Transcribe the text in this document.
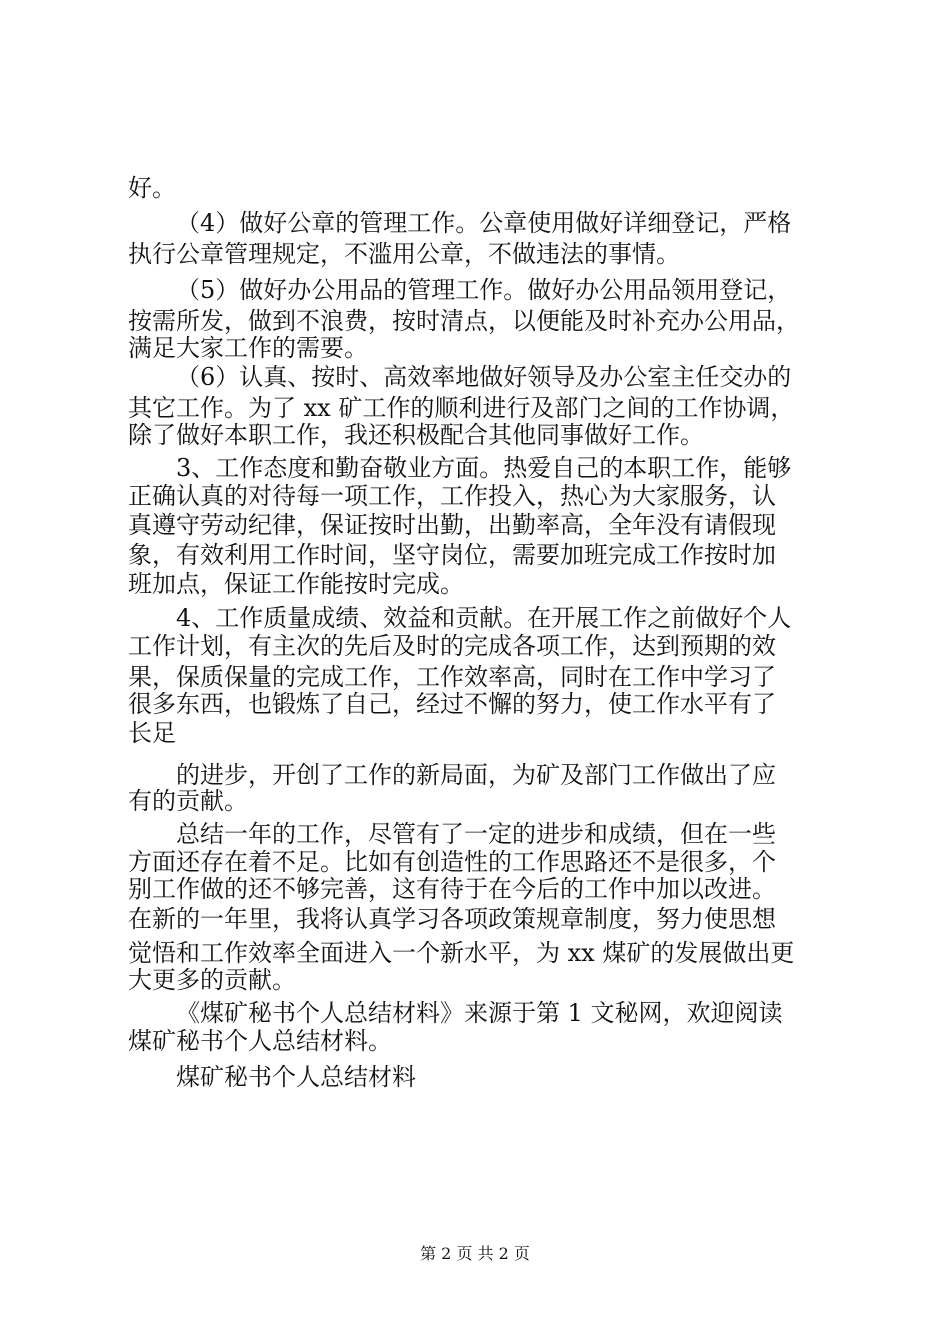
好。

（4）做好公章的管理工作。公章使用做好详细登记，严格

执行公章管理规定，不滥用公章，不做违法的事情。

（5）做好办公用品的管理工作。做好办公用品领用登记，

按需所发，做到不浪费，按时清点，以便能及时补充办公用品，

满足大家工作的需要。

（6）认真、按时、高效率地做好领导及办公室主任交办的

其它工作。为了 xx 矿工作的顺利进行及部门之间的工作协调，

除了做好本职工作，我还积极配合其他同事做好工作。

3、工作态度和勤奋敬业方面。热爱自己的本职工作，能够

正确认真的对待每一项工作，工作投入，热心为大家服务，认

真遵守劳动纪律，保证按时出勤，出勤率高，全年没有请假现

象，有效利用工作时间，坚守岗位，需要加班完成工作按时加

班加点，保证工作能按时完成。

4、工作质量成绩、效益和贡献。在开展工作之前做好个人

工作计划，有主次的先后及时的完成各项工作，达到预期的效

果，保质保量的完成工作，工作效率高，同时在工作中学习了

很多东西，也锻炼了自己，经过不懈的努力，使工作水平有了

长足

的进步，开创了工作的新局面，为矿及部门工作做出了应

有的贡献。

总结一年的工作，尽管有了一定的进步和成绩，但在一些

方面还存在着不足。比如有创造性的工作思路还不是很多，个

别工作做的还不够完善，这有待于在今后的工作中加以改进。

在新的一年里，我将认真学习各项政策规章制度，努力使思想

觉悟和工作效率全面进入一个新水平，为 xx 煤矿的发展做出更

大更多的贡献。

《煤矿秘书个人总结材料》来源于第 1 文秘网，欢迎阅读

煤矿秘书个人总结材料。

煤矿秘书个人总结材料

第 2 页 共 2 页
